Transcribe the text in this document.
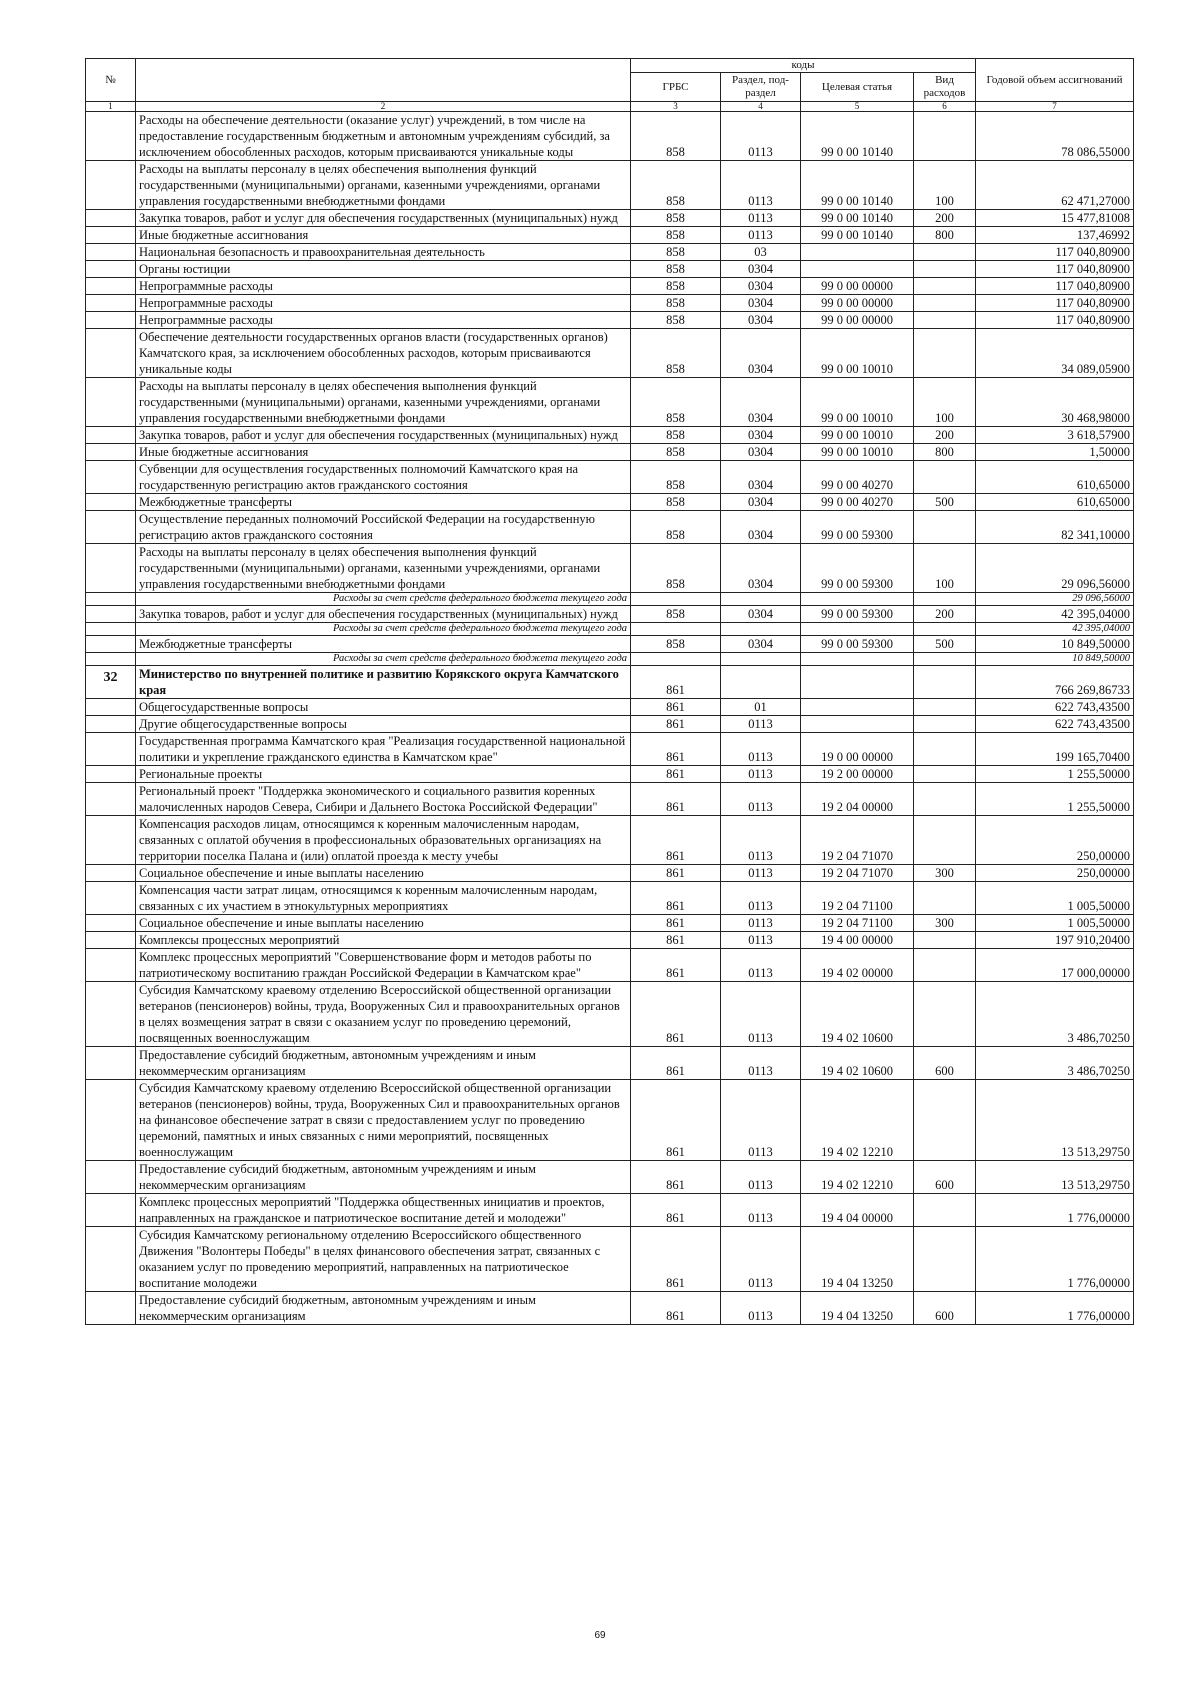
№		коды				Годовой объем ассигнований
		ГРБС	Раздел, под-раздел	Целевая статья	Вид расходов	
1	2	3	4	5	6	7
	Расходы на обеспечение деятельности (оказание услуг) учреждений, в том числе на предоставление государственным бюджетным и автономным учреждениям субсидий, за исключением обособленных расходов, которым присваиваются уникальные коды	858	0113	99 0 00 10140		78 086,55000
	Расходы на выплаты персоналу в целях обеспечения выполнения функций государственными (муниципальными) органами, казенными учреждениями, органами управления государственными внебюджетными фондами	858	0113	99 0 00 10140	100	62 471,27000
	Закупка товаров, работ и услуг для обеспечения государственных (муниципальных) нужд	858	0113	99 0 00 10140	200	15 477,81008
	Иные бюджетные ассигнования	858	0113	99 0 00 10140	800	137,46992
	Национальная безопасность и правоохранительная деятельность	858	03			117 040,80900
	Органы юстиции	858	0304			117 040,80900
	Непрограммные расходы	858	0304	99 0 00 00000		117 040,80900
	Непрограммные расходы	858	0304	99 0 00 00000		117 040,80900
	Непрограммные расходы	858	0304	99 0 00 00000		117 040,80900
	Обеспечение деятельности государственных органов власти (государственных органов) Камчатского края, за исключением обособленных расходов, которым присваиваются уникальные коды	858	0304	99 0 00 10010		34 089,05900
	Расходы на выплаты персоналу в целях обеспечения выполнения функций государственными (муниципальными) органами, казенными учреждениями, органами управления государственными внебюджетными фондами	858	0304	99 0 00 10010	100	30 468,98000
	Закупка товаров, работ и услуг для обеспечения государственных (муниципальных) нужд	858	0304	99 0 00 10010	200	3 618,57900
	Иные бюджетные ассигнования	858	0304	99 0 00 10010	800	1,50000
	Субвенции для осуществления государственных полномочий Камчатского края на государственную регистрацию актов гражданского состояния	858	0304	99 0 00 40270		610,65000
	Межбюджетные трансферты	858	0304	99 0 00 40270	500	610,65000
	Осуществление переданных полномочий Российской Федерации на государственную регистрацию актов гражданского состояния	858	0304	99 0 00 59300		82 341,10000
	Расходы на выплаты персоналу в целях обеспечения выполнения функций государственными (муниципальными) органами, казенными учреждениями, органами управления государственными внебюджетными фондами	858	0304	99 0 00 59300	100	29 096,56000
	Расходы за счет средств федерального бюджета текущего года					29 096,56000
	Закупка товаров, работ и услуг для обеспечения государственных (муниципальных) нужд	858	0304	99 0 00 59300	200	42 395,04000
	Расходы за счет средств федерального бюджета текущего года					42 395,04000
	Межбюджетные трансферты	858	0304	99 0 00 59300	500	10 849,50000
	Расходы за счет средств федерального бюджета текущего года					10 849,50000
32	Министерство по внутренней политике и развитию Корякского округа Камчатского края	861				766 269,86733
	Общегосударственные вопросы	861	01			622 743,43500
	Другие общегосударственные вопросы	861	0113			622 743,43500
	Государственная программа Камчатского края "Реализация государственной национальной политики и укрепление гражданского единства в Камчатском крае"	861	0113	19 0 00 00000		199 165,70400
	Региональные проекты	861	0113	19 2 00 00000		1 255,50000
	Региональный проект "Поддержка экономического и социального развития коренных малочисленных народов Севера, Сибири и Дальнего Востока Российской Федерации"	861	0113	19 2 04 00000		1 255,50000
	Компенсация расходов лицам, относящимся к коренным малочисленным народам, связанных с оплатой обучения в профессиональных образовательных организациях на территории поселка Палана и (или) оплатой проезда к месту учебы	861	0113	19 2 04 71070		250,00000
	Социальное обеспечение и иные выплаты населению	861	0113	19 2 04 71070	300	250,00000
	Компенсация части затрат лицам, относящимся к коренным малочисленным народам, связанных с их участием в этнокультурных мероприятиях	861	0113	19 2 04 71100		1 005,50000
	Социальное обеспечение и иные выплаты населению	861	0113	19 2 04 71100	300	1 005,50000
	Комплексы процессных мероприятий	861	0113	19 4 00 00000		197 910,20400
	Комплекс процессных мероприятий "Совершенствование форм и методов работы по патриотическому воспитанию граждан Российской Федерации в Камчатском крае"	861	0113	19 4 02 00000		17 000,00000
	Субсидия Камчатскому краевому отделению Всероссийской общественной организации ветеранов (пенсионеров) войны, труда, Вооруженных Сил и правоохранительных органов в целях возмещения затрат в связи с оказанием услуг по проведению церемоний, посвященных военнослужащим	861	0113	19 4 02 10600		3 486,70250
	Предоставление субсидий бюджетным, автономным учреждениям и иным некоммерческим организациям	861	0113	19 4 02 10600	600	3 486,70250
	Субсидия Камчатскому краевому отделению Всероссийской общественной организации ветеранов (пенсионеров) войны, труда, Вооруженных Сил и правоохранительных органов на финансовое обеспечение затрат в связи с предоставлением услуг по проведению церемоний, памятных и иных связанных с ними мероприятий, посвященных военнослужащим	861	0113	19 4 02 12210		13 513,29750
	Предоставление субсидий бюджетным, автономным учреждениям и иным некоммерческим организациям	861	0113	19 4 02 12210	600	13 513,29750
	Комплекс процессных мероприятий "Поддержка общественных инициатив и проектов, направленных на гражданское и патриотическое воспитание детей и молодежи"	861	0113	19 4 04 00000		1 776,00000
	Субсидия Камчатскому региональному отделению Всероссийского общественного Движения "Волонтеры Победы" в целях финансового обеспечения затрат, связанных с оказанием услуг по проведению мероприятий, направленных на патриотическое воспитание молодежи	861	0113	19 4 04 13250		1 776,00000
	Предоставление субсидий бюджетным, автономным учреждениям и иным некоммерческим организациям	861	0113	19 4 04 13250	600	1 776,00000
69
